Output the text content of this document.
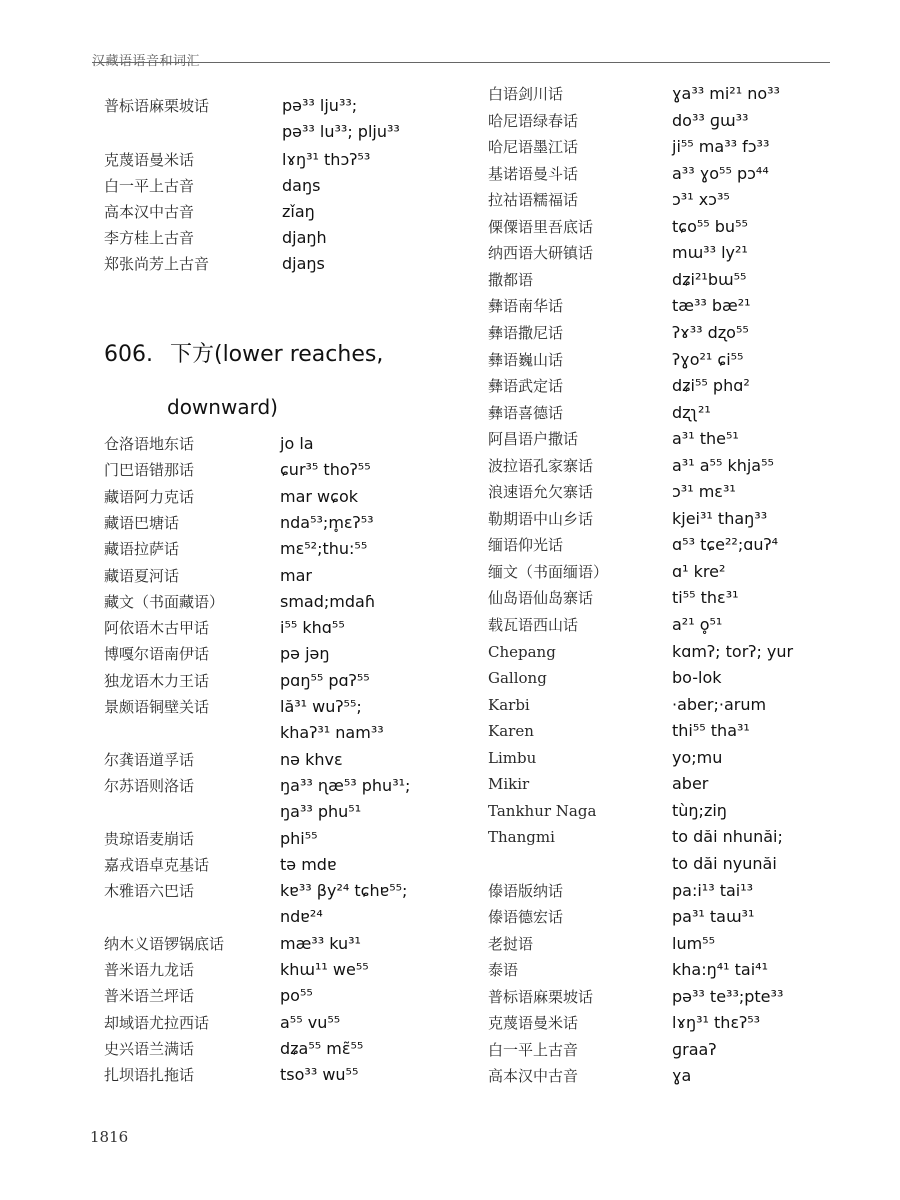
汉藏语语音和词汇
普标语麻栗坡话	pə³³ lju³³;
pə³³ lu³³; plju³³
克蔑语曼米话	lɤŋ³¹ thɔʔ⁵³
白一平上古音	daŋs
高本汉中古音	zǐaŋ
李方桂上古音	djaŋh
郑张尚芳上古音	djaŋs
606. 下方(lower reaches,
downward)
仓洛语地东话	jo la
门巴语错那话	ɕur³⁵ thoʔ⁵⁵
藏语阿力克话	mar wɕok
藏语巴塘话	nda⁵³;m̥ɛʔ⁵³
藏语拉萨话	mɛ⁵²;thu:⁵⁵
藏语夏河话	mar
藏文（书面藏语）	smad;mdaɦ
阿依语木古甲话	i⁵⁵ khɑ⁵⁵
博嘎尔语南伊话	pə jəŋ
独龙语木力王话	pɑŋ⁵⁵ pɑʔ⁵⁵
景颇语铜壁关话	lă³¹ wuʔ⁵⁵;
khaʔ³¹ nam³³
尔龚语道孚话	nə khvɛ
尔苏语则洛话	ŋa³³ ɳæ⁵³ phu³¹;
ŋa³³ phu⁵¹
贵琼语麦崩话	phi⁵⁵
嘉戎语卓克基话	tə mdɐ
木雅语六巴话	kɐ³³ βy²⁴ tɕhɐ⁵⁵;
ndɐ²⁴
纳木义语锣锅底话	mæ³³ ku³¹
普米语九龙话	khɯ¹¹ we⁵⁵
普米语兰坪话	po⁵⁵
却域语尤拉西话	a⁵⁵ vu⁵⁵
史兴语兰满话	dʑa⁵⁵ mɛ̃⁵⁵
扎坝语扎拖话	tso³³ wu⁵⁵
白语剑川话	ɣa³³ mi²¹ no³³
哈尼语绿春话	do³³ ɡɯ³³
哈尼语墨江话	ji⁵⁵ ma³³ fɔ³³
基诺语曼斗话	a³³ ɣo⁵⁵ pɔ⁴⁴
拉祜语糯福话	ɔ³¹ xɔ³⁵
傈僳语里吾底话	tɕo⁵⁵ bu⁵⁵
纳西语大研镇话	mɯ³³ ly²¹
撒都语	dʑi²¹bɯ⁵⁵
彝语南华话	tæ³³ bæ²¹
彝语撒尼话	ʔɤ³³ dʐo⁵⁵
彝语巍山话	ʔɣo²¹ ɕi⁵⁵
彝语武定话	dʑi⁵⁵ phɑ²
彝语喜德话	dʐʅ²¹
阿昌语户撒话	a³¹ the⁵¹
波拉语孔家寨话	a³¹ a⁵⁵ khja⁵⁵
浪速语允欠寨话	ɔ³¹ mɛ³¹
勒期语中山乡话	kjei³¹ thaŋ³³
缅语仰光话	ɑ⁵³ tɕe²²;ɑuʔ⁴
缅文（书面缅语）	ɑ¹ kre²
仙岛语仙岛寨话	ti⁵⁵ thɛ³¹
载瓦语西山话	a²¹ o̥⁵¹
Chepang	kɑmʔ; torʔ; yur
Gallong	bo-lok
Karbi	·aber;·arum
Karen	thi⁵⁵ tha³¹
Limbu	yo;mu
Mikir	aber
Tankhur Naga	tùŋ;ziŋ
Thangmi	to dăi nhunăi;
to dăi nyunăi
傣语版纳话	pa:i¹³ tai¹³
傣语德宏话	pa³¹ taɯ³¹
老挝语	lum⁵⁵
泰语	kha:ŋ⁴¹ tai⁴¹
普标语麻栗坡话	pə³³ te³³;pte³³
克蔑语曼米话	lɤŋ³¹ thɛʔ⁵³
白一平上古音	ɡraaʔ
高本汉中古音	ɣa
1816
